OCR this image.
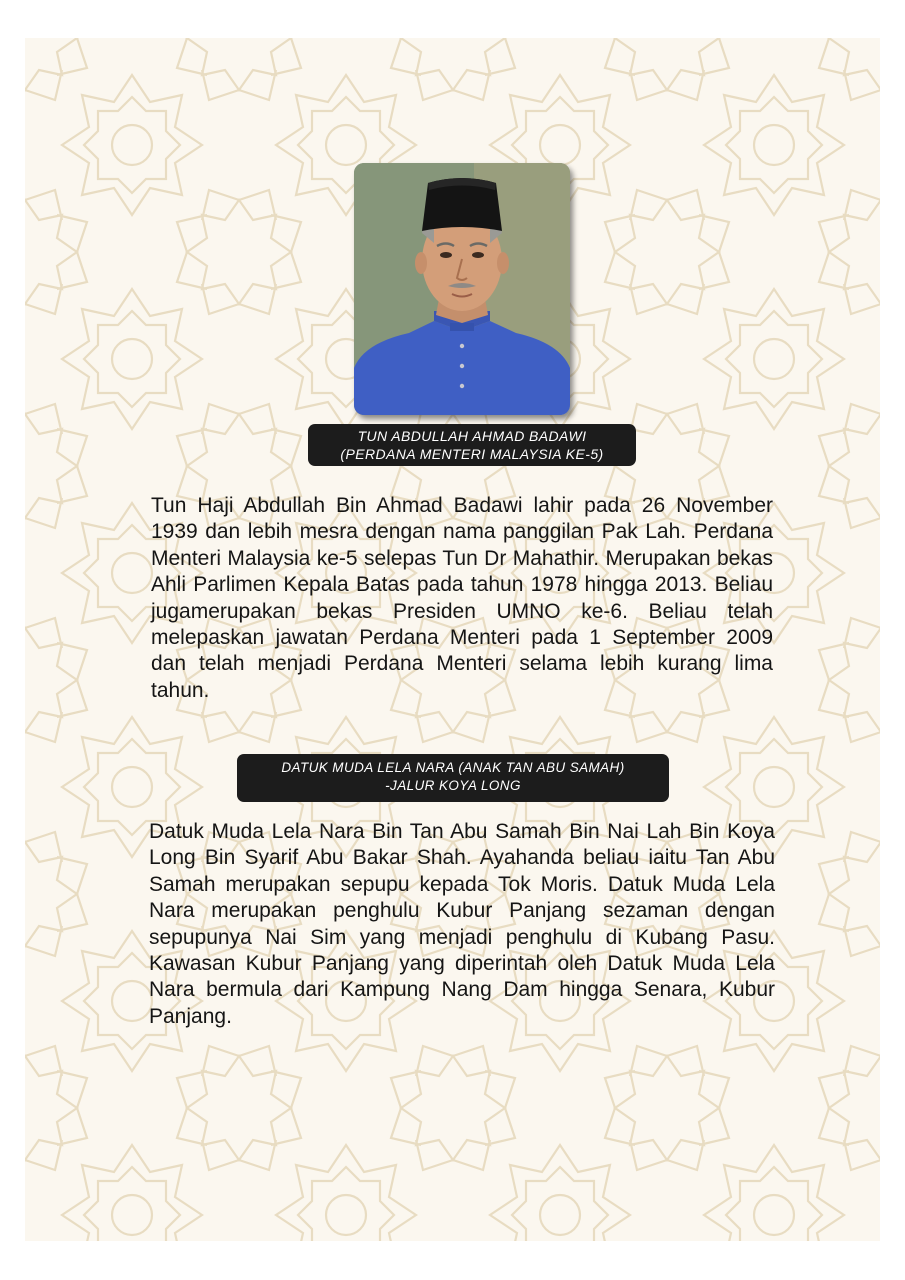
TUN ABDULLAH AHMAD BADAWI
(PERDANA MENTERI MALAYSIA KE-5)

Tun Haji Abdullah Bin Ahmad Badawi lahir pada 26 November 1939 dan lebih mesra dengan nama panggilan Pak Lah. Perdana Menteri Malaysia ke-5 selepas Tun Dr Mahathir. Merupakan bekas Ahli Parlimen Kepala Batas pada tahun 1978 hingga 2013. Beliau jugamerupakan bekas Presiden UMNO ke-6. Beliau telah melepaskan jawatan Perdana Menteri pada 1 September 2009 dan telah menjadi Perdana Menteri selama lebih kurang lima tahun.

DATUK MUDA LELA NARA (ANAK TAN ABU SAMAH)
-JALUR KOYA LONG

Datuk Muda Lela Nara Bin Tan Abu Samah Bin Nai Lah Bin Koya Long Bin Syarif Abu Bakar Shah. Ayahanda beliau iaitu Tan Abu Samah merupakan sepupu kepada Tok Moris. Datuk Muda Lela Nara merupakan penghulu Kubur Panjang sezaman dengan sepupunya Nai Sim yang menjadi penghulu di Kubang Pasu. Kawasan Kubur Panjang yang diperintah oleh Datuk Muda Lela Nara bermula dari Kampung Nang Dam hingga Senara, Kubur Panjang.
